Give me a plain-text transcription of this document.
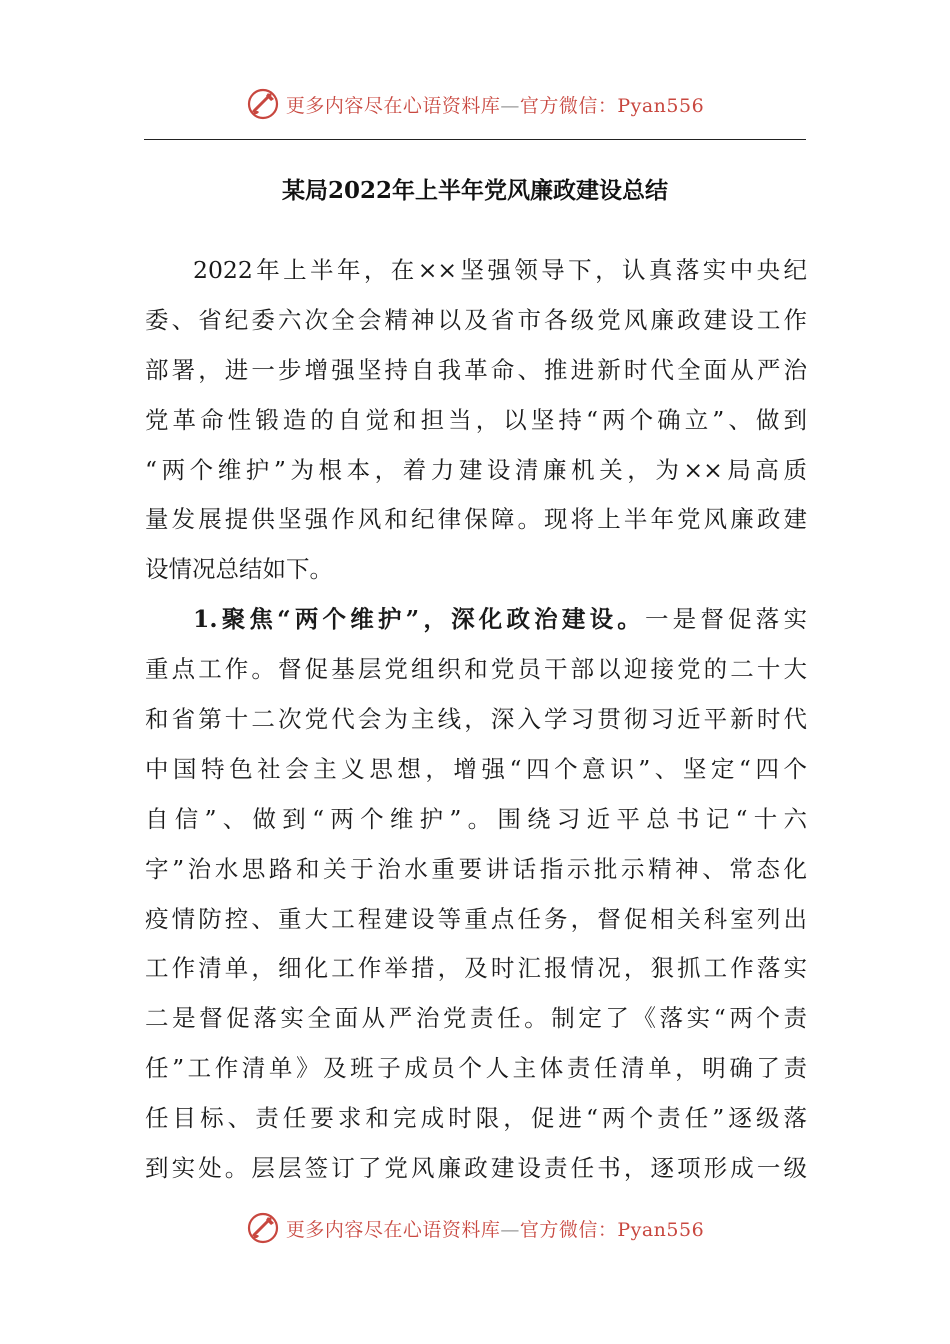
更多内容尽在心语资料库—官方微信：Pyan556
某局2022年上半年党风廉政建设总结
2022年上半年，在××坚强领导下，认真落实中央纪
委、省纪委六次全会精神以及省市各级党风廉政建设工作
部署，进一步增强坚持自我革命、推进新时代全面从严治
党革命性锻造的自觉和担当，以坚持“两个确立”、做到
“两个维护”为根本，着力建设清廉机关，为××局高质
量发展提供坚强作风和纪律保障。现将上半年党风廉政建
设情况总结如下。
1.聚焦“两个维护”，深化政治建设。一是督促落实
重点工作。督促基层党组织和党员干部以迎接党的二十大
和省第十二次党代会为主线，深入学习贯彻习近平新时代
中国特色社会主义思想，增强“四个意识”、坚定“四个
自信”、做到“两个维护”。围绕习近平总书记“十六
字”治水思路和关于治水重要讲话指示批示精神、常态化
疫情防控、重大工程建设等重点任务，督促相关科室列出
工作清单，细化工作举措，及时汇报情况，狠抓工作落实
二是督促落实全面从严治党责任。制定了《落实“两个责
任”工作清单》及班子成员个人主体责任清单，明确了责
任目标、责任要求和完成时限，促进“两个责任”逐级落
到实处。层层签订了党风廉政建设责任书，逐项形成一级
更多内容尽在心语资料库—官方微信：Pyan556
